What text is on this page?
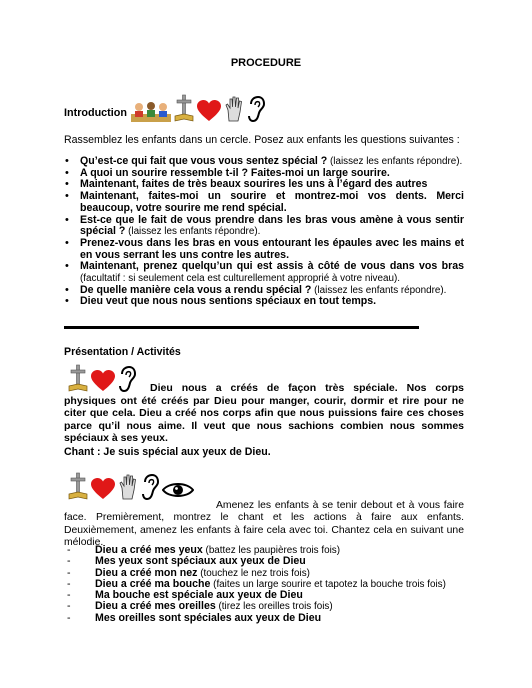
PROCEDURE
Introduction
Rassemblez les enfants dans un cercle. Posez aux enfants les questions suivantes :
• Qu’est-ce qui fait que vous vous sentez spécial ? (laissez les enfants répondre).
• A quoi un sourire ressemble t-il ? Faites-moi un large sourire.
• Maintenant, faites de très beaux sourires les uns à l’égard des autres
• Maintenant, faites-moi un sourire et montrez-moi vos dents. Merci beaucoup, votre sourire me rend spécial.
• Est-ce que le fait de vous prendre dans les bras vous amène à vous sentir spécial ? (laissez les enfants répondre).
• Prenez-vous dans les bras en vous entourant les épaules avec les mains et en vous serrant les uns contre les autres.
• Maintenant, prenez quelqu’un qui est assis à côté de vous dans vos bras (facultatif : si seulement cela est culturellement approprié à votre niveau).
• De quelle manière cela vous a rendu spécial ? (laissez les enfants répondre).
• Dieu veut que nous nous sentions spéciaux en tout temps.
Présentation / Activités
Dieu nous a créés de façon très spéciale. Nos corps physiques ont été créés par Dieu pour manger, courir, dormir et rire pour ne citer que cela. Dieu a créé nos corps afin que nous puissions faire ces choses parce qu’il nous aime. Il veut que nous sachions combien nous sommes spéciaux à ses yeux.
Chant : Je suis spécial aux yeux de Dieu.
Amenez les enfants à se tenir debout et à vous faire face. Premièrement, montrez le chant et les actions à faire aux enfants. Deuxièmement, amenez les enfants à faire cela avec toi. Chantez cela en suivant une mélodie.
- Dieu a créé mes yeux (battez les paupières trois fois)
- Mes yeux sont spéciaux aux yeux de Dieu
- Dieu a créé mon nez (touchez le nez trois fois)
- Dieu a créé ma bouche (faites un large sourire et tapotez la bouche trois fois)
- Ma bouche est spéciale aux yeux de Dieu
- Dieu a créé mes oreilles (tirez les oreilles trois fois)
- Mes oreilles sont spéciales aux yeux de Dieu
